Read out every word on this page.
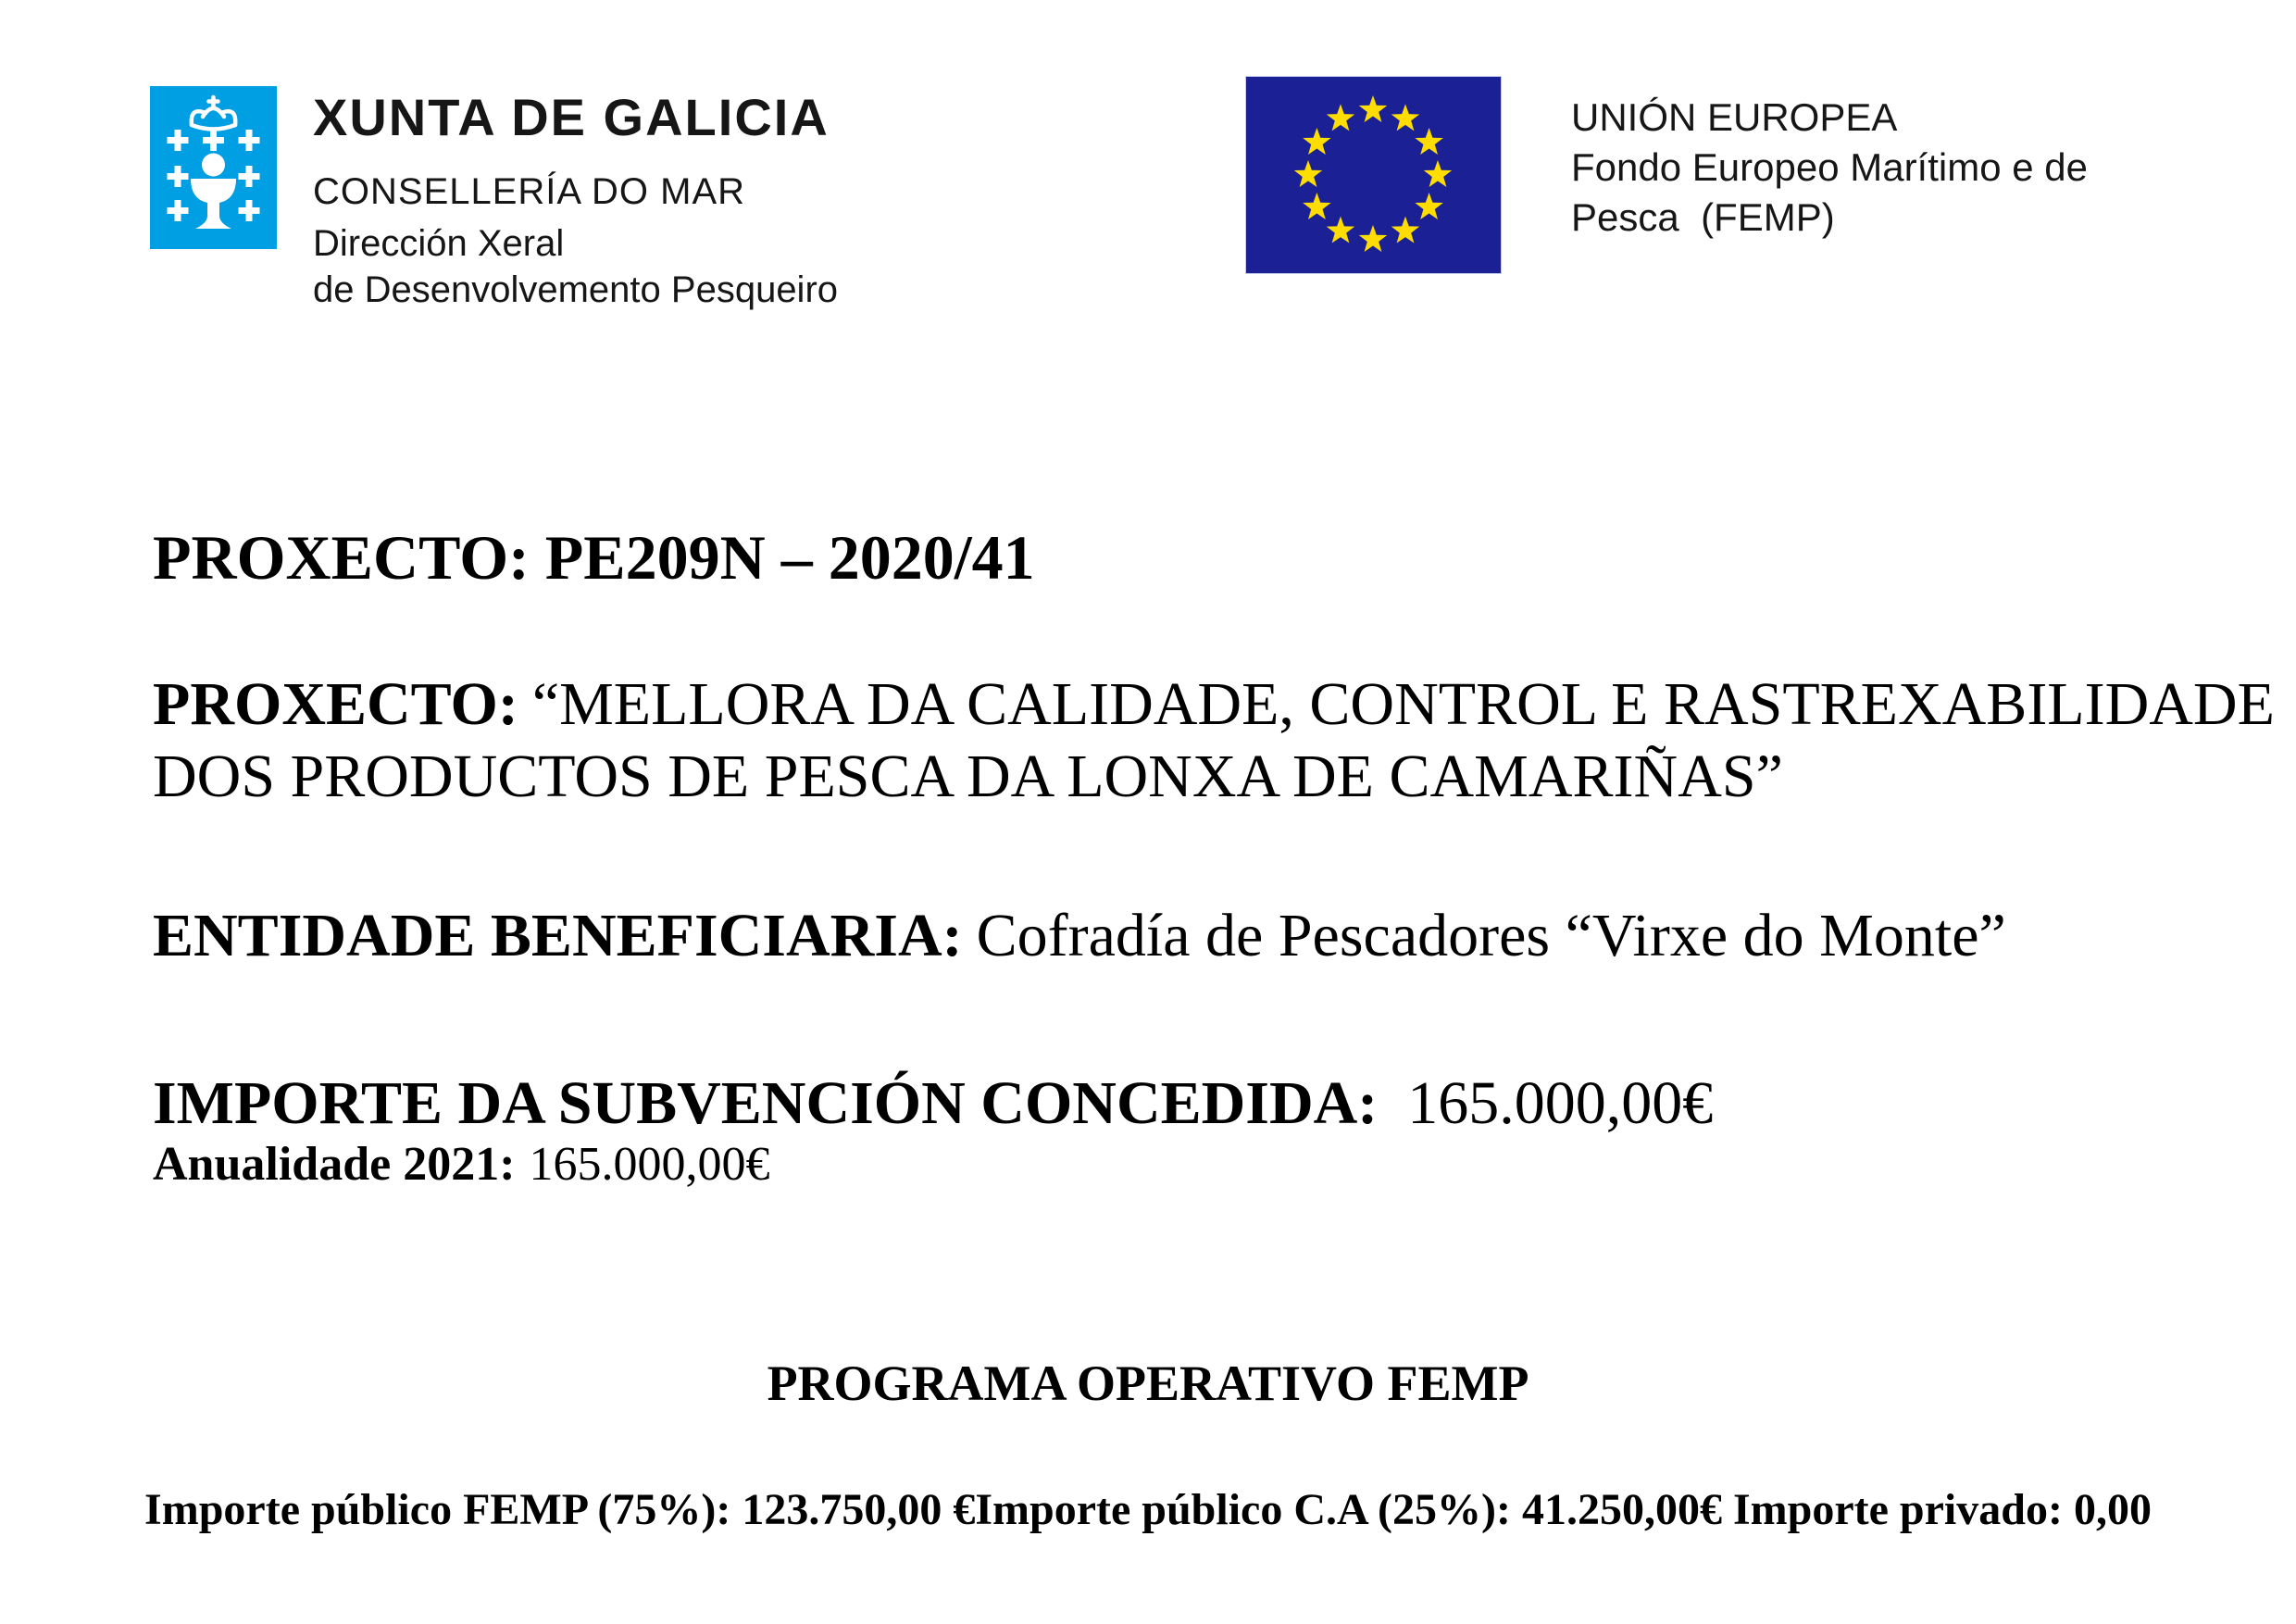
XUNTA DE GALICIA
CONSELLERÍA DO MAR
Dirección Xeral
de Desenvolvemento Pesqueiro
UNIÓN EUROPEA
Fondo Europeo Marítimo e de
Pesca  (FEMP)
PROXECTO: PE209N – 2020/41
PROXECTO: “MELLORA DA CALIDADE, CONTROL E RASTREXABILIDADE
DOS PRODUCTOS DE PESCA DA LONXA DE CAMARIÑAS”
ENTIDADE BENEFICIARIA: Cofradía de Pescadores “Virxe do Monte”
IMPORTE DA SUBVENCIÓN CONCEDIDA: 165.000,00€
Anualidade 2021: 165.000,00€
PROGRAMA OPERATIVO FEMP
Importe público FEMP (75%): 123.750,00 €Importe público C.A (25%): 41.250,00€ Importe privado: 0,00
